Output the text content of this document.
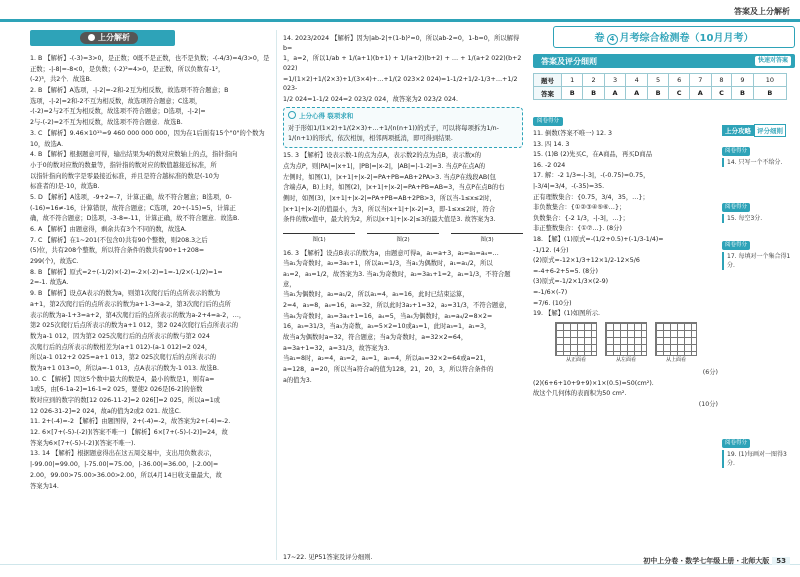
答案及上分解析
上分解析

1. B 【解析】-(-3)=3>0，是正数；0既不是正数，也不是负数；-(-4/3)=4/3>0，是

正数；-|-8|=-8<0，是负数；(-2)²=4>0，是正数，所以负数有-1²，

(-2)³，共2个．故选B.

2. B 【解析】A选项，-|-2|=-2和-2互为相反数，故选项不符合题意；B

选项，-|-2|=2和-2不互为相反数，故选项符合题意；C选项，

-(-2)=2与2不互为相反数，故选项不符合题意；D选项，-|-2|=

2与-(-2)=2不互为相反数，故选项不符合题意．故选B.

3. C 【解析】9.46×10¹⁵=9 460 000 000 000，因为在1后面有15个"0"的个数为

10，故选A.

4. B 【解析】根据题意可得，输出结果为4的数对应数轴上的点，指针指向

小于0的数对应数的数量等，指针指的数对应的数值越接近标准，所

以指针指向的数字是零最接近标准，并且是符合越标准的数是(-10为

标准者的)是-10，故选B.

5. D 【解析】A选项，-9+2=-7，计算正确，故不符合题意；B选项，0-

(-16)=16≠-16，计算错误，故符合题意；C选项，20÷(-15)=5，计算正

确，故不符合题意；D选项，-3-8=-11，计算正确，故不符合题意．故选B.

6. A 【解析】由题意得，剩余共有3个不同的数，故选A.

7. C 【解析】在1~201(不包含0)共有90个整数，则208.3之后

(5)位，共有208个整数，所以符合条件的数共有90+1+208=

299(个)，故选C.

8. B 【解析】原式=2÷(-1/2)×(-2)=-2×(-2)=1=-1/2×(-1/2)=1=

2=-1. 故选A.

9. B 【解析】设点A表示的数为a，则第1次爬行后的点所表示的数为

a+1，第2次爬行后的点所表示的数为a+1-3=a-2，第3次爬行后的点所

表示的数为a-1+3=a+2，第4次爬行后的点所表示的数为a-2+4=a-2，…，

第2 025次爬行后点所表示的数为a+1 012，第2 024次爬行后点所表示的

数为a-1 012，因为第2 025次爬行后的点所表示的数与第2 024

次爬行后的点所表示的数相差为(a+1 012)-(a-1 012)=2 024，

所以a-1 012+2 025=a+1 013，第2 025次爬行后的点所表示的

数为a+1 013=0，所以a=-1 013，点A表示的数为-1 013. 故选B.

10. C 【解析】因这5个数中最大的数是4，最小的数是1，则有a=

1或5，由[6-1a-2]=16-1=2 025，要使2 026是[6-2]的倍数

数对应到的数字的数[12 026-11-2]=2 026[]=2 025，所以a=1或

12 026-31-2]=2 024，故a的值为2或2 021. 故选C.

11. 2+(-4)=-2 【解析】由题图得，2+(-4)=-2，故答案为2+(-4)=-2.

12. 6×[7+(-5)-(-2)](答案不唯一) 【解析】6×[7+(-5)-(-2)]=24，故

答案为6×[7+(-5)-(-2)](答案不唯一).

13. 14 【解析】根据题意得出在这五周交易中，支出用负数表示，

|-99.00|=99.00，|-75.00|=75.00，|-36.00|=36.00，|-2.00|=

2.00，99.00>75.00>36.00>2.00，所以4月14日收支量最大，故

答案为14.

14. 2023/2024 【解析】因为|ab-2|+(1-b)²=0，所以ab-2=0，1-b=0，所以解得b=

1，a=2，所以1/ab + 1/(a+1)(b+1) + 1/(a+2)(b+2) + … + 1/(a+2 022)(b+2 022)

=1/(1×2)+1/(2×3)+1/(3×4)+…+1/(2 023×2 024)=1-1/2+1/2-1/3+…+1/2 023-

1/2 024=1-1/2 024=2 023/2 024，故答案为2 023/2 024.

上分心得 裂项求和

对于形如1/(1×2)+1/(2×3)+…+1/(n(n+1))的式子，可以将每项拆为1/n-1/(n+1)的形式，依次相加，相邻两项抵消，即可得到结果.

15. 3 【解析】设表示数-1的点为点A，表示数2的点为点B，表示数x的

点为点P，则|PA|=|x+1|，|PB|=|x-2|，|AB|=|-1-2|=3. 当点P在点A的

左侧时，如图(1)，|x+1|+|x-2|=PA+PB=AB+2PA>3. 当点P在线段AB(包

含端点A，B)上时，如图(2)，|x+1|+|x-2|=PA+PB=AB=3，当点P在点B的右

侧时，如图(3)，|x+1|+|x-2|=PA+PB=AB+2PB>3，所以当-1≤x≤2时，

|x+1|+|x-2|的值最小，为3，所以当|x+1|+|x-2|=3，即-1≤x≤2时，符合

条件的数x值中，最大的为2，所以|x+1|+|x-2|≤3的最大值是3. 故答案为3.

图(1)	图(2)	图(3)

16. 3 【解析】设点B表示的数为a，由题意可得a，a₁=a+3，a₂=a₃=a₄=…

当a₁为奇数时，a₂=3a₁+1，所以a₁=1/3，当a₁为偶数时，a₁=a₁/2，所以

a₁=2，a₃=1/2，故答案为3. 当a₁为奇数时，a₂=3a₁+1=2，a₁=1/3，不符合题意，

当a₁为偶数时，a₂=a₁/2，所以a₁=4，a₃=16，此时已结束运算，

2=4，a₃=8，a₄=16，a₅=32，所以此时3a₂+1=32，a₂=31/3，不符合题意，

当a₄为奇数时，a₃=3a₄+1=16，a₄=5，当a₄为偶数时，a₃=a₄/2=8×2=

16，a₃=31/3，当a₃为奇数，a₃=5×2=10或a₃=1，此时a₃=1，a₁=3，

故当a为偶数时a=32，符合题意；当a为奇数时，a=32×2=64，

a=3a+1=32，a=31/3，故答案为3.

当a₁=8时，a₂=4，a₃=2，a₄=1，a₅=4，所以a₅=32×2=64或a=21，

a=128，a=20，所以当a符合a的值为128，21，20，3，所以符合条件的

a的值为3.

17~22. 见P51答案及评分细则.
卷 4 月考综合检测卷（10月月考）
答案及评分细则	快速对答案
题号	1	2	3	4	5	6	7	8	9	10
答案	B	B	A	A	B	C	A	C	B	B
阅卷得分

11. 倒数(答案不唯一) 12. 3

13. 四 14. 3

15. (1)B (2)先买C，在A商品，再买D商品

16. -2 024

17. 解：-2 1/3=-|-3|，-(-0.75)=0.75，

|-3/4|=3/4，-(-35)=35.

正有理数集合：{0.75，3/4，35，…}；

非负数集合：{①②③④⑤⑥…}；

负数集合：{-2 1/3，-|-3|，…}；

非正整数集合：{①⑦…}. (8分)

18. 【解】(1)原式=-(1/2+0.5)+(-1/3-1/4)=

-1/12. (4分)

(2)原式=-12×1/3+12×1/2-12×5/6

=-4+6-2+5=5. (8分)

(3)原式=-1/2×1/3×(2-9)

=-1/6×(-7)

=7/6. (10分)

19. 【解】(1)如图所示.

从正面看	从左面看	从上面看

(6分)

(2)(6+6+10+9+9)×1×(0.5)=50(cm²).

故这个几何体的表面积为50 cm².

(10分)

上分攻略 评分细则
阅卷得分
14. 只写一个不给分.
阅卷得分
15. 每空3分.
阅卷得分
17. 每填对一个集合得1分.
阅卷得分
19. (1)每画对一图得3分.
初中上分卷・数学七年级上册・北师大版 53
